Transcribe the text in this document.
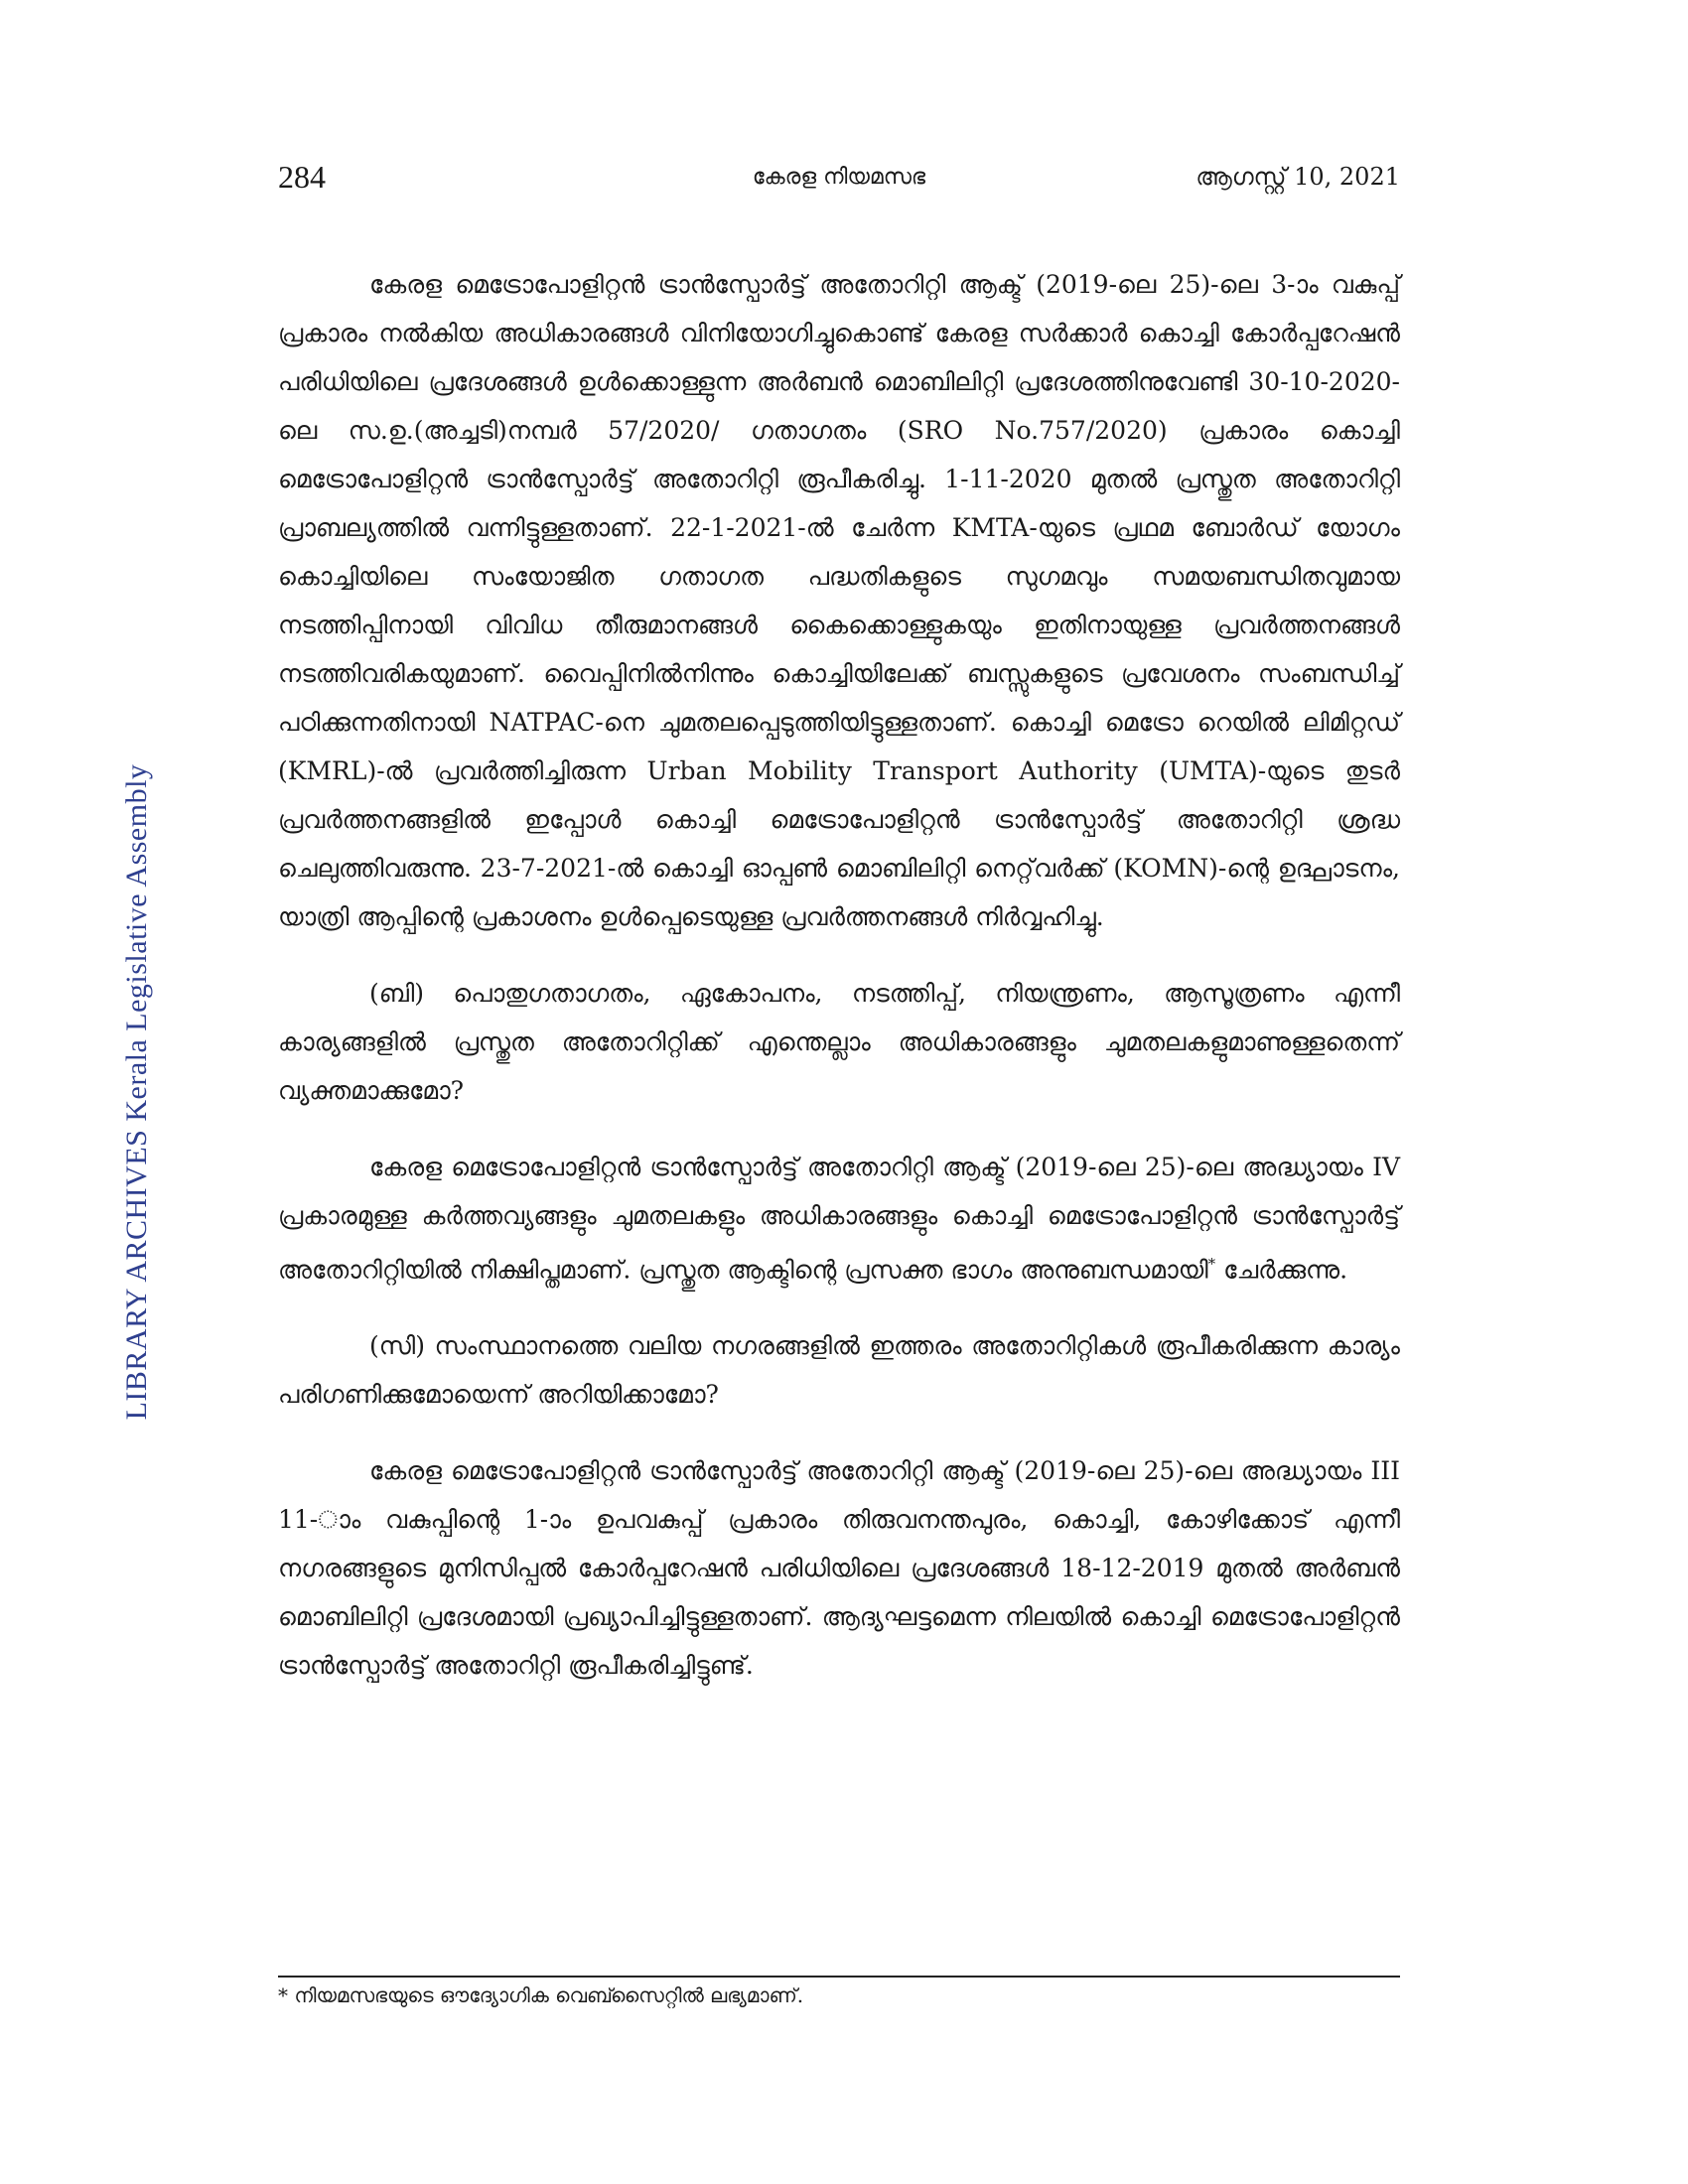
284	കേരള നിയമസഭ	ആഗസ്റ്റ് 10, 2021
LIBRARY ARCHIVES Kerala Legislative Assembly

കേരള മെട്രോപോളിറ്റൻ ട്രാൻസ്പോർട്ട് അതോറിറ്റി ആക്ട് (2019-ലെ 25)-ലെ 3-ാം വകുപ്പ് പ്രകാരം നൽകിയ അധികാരങ്ങൾ വിനിയോഗിച്ചുകൊണ്ട് കേരള സർക്കാർ കൊച്ചി കോർപ്പറേഷൻ പരിധിയിലെ പ്രദേശങ്ങൾ ഉൾക്കൊള്ളുന്ന അർബൻ മൊബിലിറ്റി പ്രദേശത്തിനുവേണ്ടി 30-10-2020-ലെ സ.ഉ.(അച്ചടി)നമ്പർ 57/2020/ ഗതാഗതം (SRO No.757/2020) പ്രകാരം കൊച്ചി മെട്രോപോളിറ്റൻ ട്രാൻസ്പോർട്ട് അതോറിറ്റി രൂപീകരിച്ചു. 1-11-2020 മുതൽ പ്രസ്തുത അതോറിറ്റി പ്രാബല്യത്തിൽ വന്നിട്ടുള്ളതാണ്. 22-1-2021-ൽ ചേർന്ന KMTA-യുടെ പ്രഥമ ബോർഡ് യോഗം കൊച്ചിയിലെ സംയോജിത ഗതാഗത പദ്ധതികളുടെ സുഗമവും സമയബന്ധിതവുമായ നടത്തിപ്പിനായി വിവിധ തീരുമാനങ്ങൾ കൈക്കൊള്ളുകയും ഇതിനായുള്ള പ്രവർത്തനങ്ങൾ നടത്തിവരികയുമാണ്. വൈപ്പിനിൽനിന്നും കൊച്ചിയിലേക്ക് ബസ്സുകളുടെ പ്രവേശനം സംബന്ധിച്ച് പഠിക്കുന്നതിനായി NATPAC-നെ ചുമതലപ്പെടുത്തിയിട്ടുള്ളതാണ്. കൊച്ചി മെട്രോ റെയിൽ ലിമിറ്റഡ് (KMRL)-ൽ പ്രവർത്തിച്ചിരുന്ന Urban Mobility Transport Authority (UMTA)-യുടെ തുടർ പ്രവർത്തനങ്ങളിൽ ഇപ്പോൾ കൊച്ചി മെട്രോപോളിറ്റൻ ട്രാൻസ്പോർട്ട് അതോറിറ്റി ശ്രദ്ധ ചെലുത്തിവരുന്നു. 23-7-2021-ൽ കൊച്ചി ഓപ്പൺ മൊബിലിറ്റി നെറ്റ്‌വർക്ക് (KOMN)-ന്റെ ഉദ്ഘാടനം, യാത്രി ആപ്പിന്റെ പ്രകാശനം ഉൾപ്പെടെയുള്ള പ്രവർത്തനങ്ങൾ നിർവ്വഹിച്ചു.

(ബി) പൊതുഗതാഗതം, ഏകോപനം, നടത്തിപ്പ്, നിയന്ത്രണം, ആസൂത്രണം എന്നീ കാര്യങ്ങളിൽ പ്രസ്തുത അതോറിറ്റിക്ക് എന്തെല്ലാം അധികാരങ്ങളും ചുമതലകളുമാണുള്ളതെന്ന് വ്യക്തമാക്കുമോ?

കേരള മെട്രോപോളിറ്റൻ ട്രാൻസ്പോർട്ട് അതോറിറ്റി ആക്ട് (2019-ലെ 25)-ലെ അദ്ധ്യായം IV പ്രകാരമുള്ള കർത്തവ്യങ്ങളും ചുമതലകളും അധികാരങ്ങളും കൊച്ചി മെട്രോപോളിറ്റൻ ട്രാൻസ്പോർട്ട് അതോറിറ്റിയിൽ നിക്ഷിപ്തമാണ്. പ്രസ്തുത ആക്ടിന്റെ പ്രസക്ത ഭാഗം അനുബന്ധമായി* ചേർക്കുന്നു.

(സി) സംസ്ഥാനത്തെ വലിയ നഗരങ്ങളിൽ ഇത്തരം അതോറിറ്റികൾ രൂപീകരിക്കുന്ന കാര്യം പരിഗണിക്കുമോയെന്ന് അറിയിക്കാമോ?

കേരള മെട്രോപോളിറ്റൻ ട്രാൻസ്പോർട്ട് അതോറിറ്റി ആക്ട് (2019-ലെ 25)-ലെ അദ്ധ്യായം III 11-ാം വകുപ്പിന്റെ 1-ാം ഉപവകുപ്പ് പ്രകാരം തിരുവനന്തപുരം, കൊച്ചി, കോഴിക്കോട് എന്നീ നഗരങ്ങളുടെ മുനിസിപ്പൽ കോർപ്പറേഷൻ പരിധിയിലെ പ്രദേശങ്ങൾ 18-12-2019 മുതൽ അർബൻ മൊബിലിറ്റി പ്രദേശമായി പ്രഖ്യാപിച്ചിട്ടുള്ളതാണ്. ആദ്യഘട്ടമെന്ന നിലയിൽ കൊച്ചി മെട്രോപോളിറ്റൻ ട്രാൻസ്പോർട്ട് അതോറിറ്റി രൂപീകരിച്ചിട്ടുണ്ട്.

* നിയമസഭയുടെ ഔദ്യോഗിക വെബ്സൈറ്റിൽ ലഭ്യമാണ്.
